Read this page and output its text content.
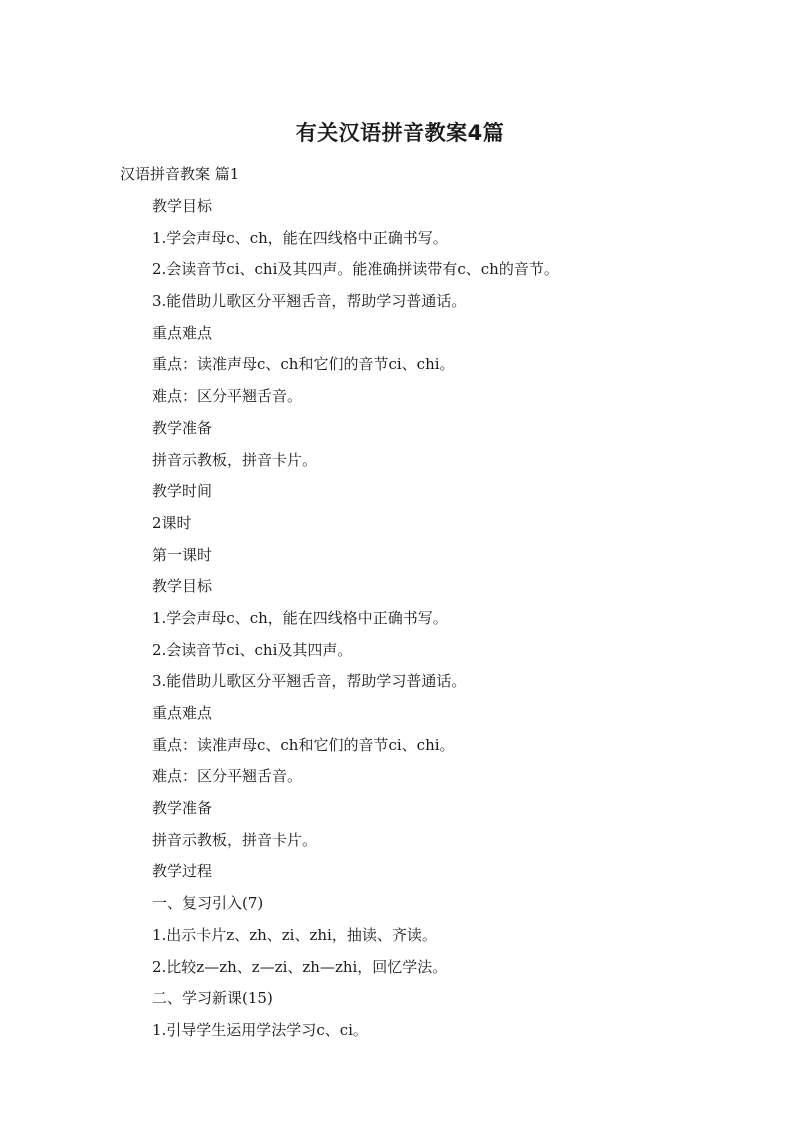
有关汉语拼音教案4篇
汉语拼音教案 篇1
教学目标
1.学会声母c、ch，能在四线格中正确书写。
2.会读音节ci、chi及其四声。能准确拼读带有c、ch的音节。
3.能借助儿歌区分平翘舌音，帮助学习普通话。
重点难点
重点：读准声母c、ch和它们的音节ci、chi。
难点：区分平翘舌音。
教学准备
拼音示教板，拼音卡片。
教学时间
2课时
第一课时
教学目标
1.学会声母c、ch，能在四线格中正确书写。
2.会读音节ci、chi及其四声。
3.能借助儿歌区分平翘舌音，帮助学习普通话。
重点难点
重点：读准声母c、ch和它们的音节ci、chi。
难点：区分平翘舌音。
教学准备
拼音示教板，拼音卡片。
教学过程
一、复习引入(7)
1.出示卡片z、zh、zi、zhi，抽读、齐读。
2.比较z—zh、z—zi、zh—zhi，回忆学法。
二、学习新课(15)
1.引导学生运用学法学习c、ci。
